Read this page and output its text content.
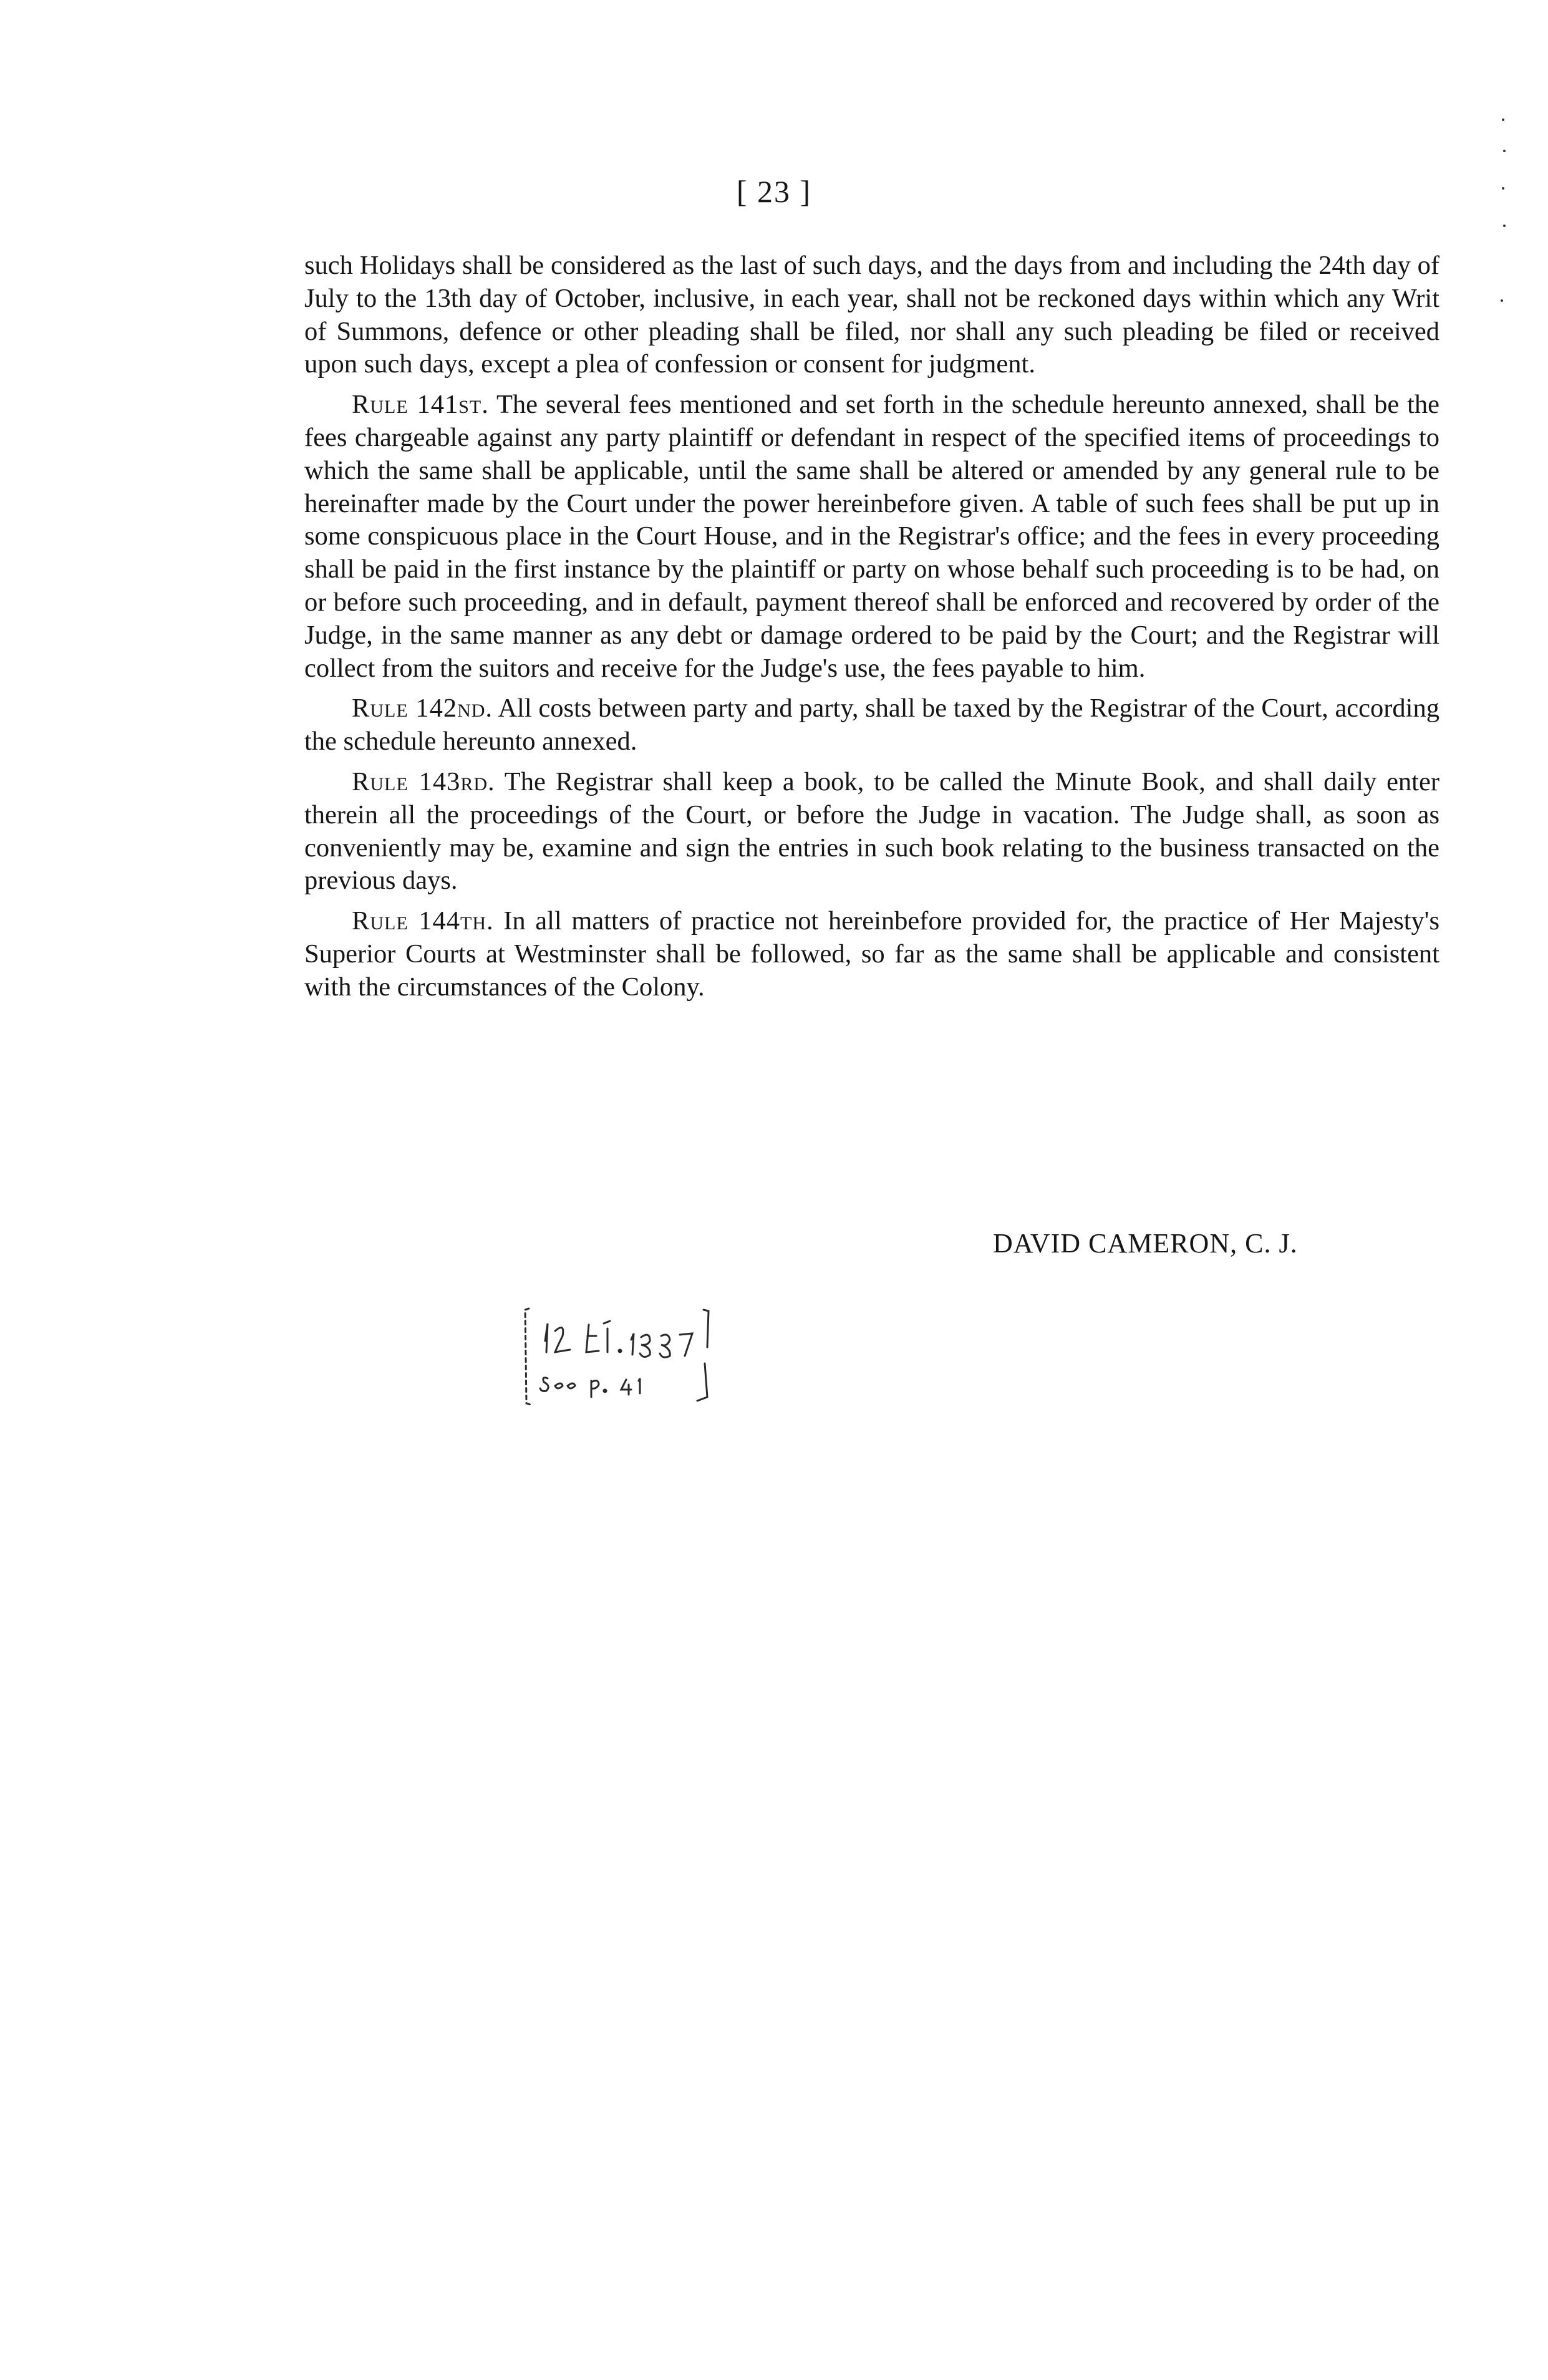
[ 23 ]

such Holidays shall be considered as the last of such days, and the days from and including the 24th day of July to the 13th day of October, inclusive, in each year, shall not be reckoned days within which any Writ of Summons, defence or other pleading shall be filed, nor shall any such pleading be filed or received upon such days, except a plea of confession or consent for judgment.

Rule 141st. The several fees mentioned and set forth in the schedule hereunto annexed, shall be the fees chargeable against any party plaintiff or defendant in respect of the specified items of proceedings to which the same shall be applicable, until the same shall be altered or amended by any general rule to be hereinafter made by the Court under the power hereinbefore given. A table of such fees shall be put up in some conspicuous place in the Court House, and in the Registrar's office; and the fees in every proceeding shall be paid in the first instance by the plaintiff or party on whose behalf such proceeding is to be had, on or before such proceeding, and in default, payment thereof shall be enforced and recovered by order of the Judge, in the same manner as any debt or damage ordered to be paid by the Court; and the Registrar will collect from the suitors and receive for the Judge's use, the fees payable to him.

Rule 142nd. All costs between party and party, shall be taxed by the Registrar of the Court, according the schedule hereunto annexed.

Rule 143rd. The Registrar shall keep a book, to be called the Minute Book, and shall daily enter therein all the proceedings of the Court, or before the Judge in vacation. The Judge shall, as soon as conveniently may be, examine and sign the entries in such book relating to the business transacted on the previous days.

Rule 144th. In all matters of practice not hereinbefore provided for, the practice of Her Majesty's Superior Courts at Westminster shall be followed, so far as the same shall be applicable and consistent with the circumstances of the Colony.

DAVID CAMERON, C. J.
